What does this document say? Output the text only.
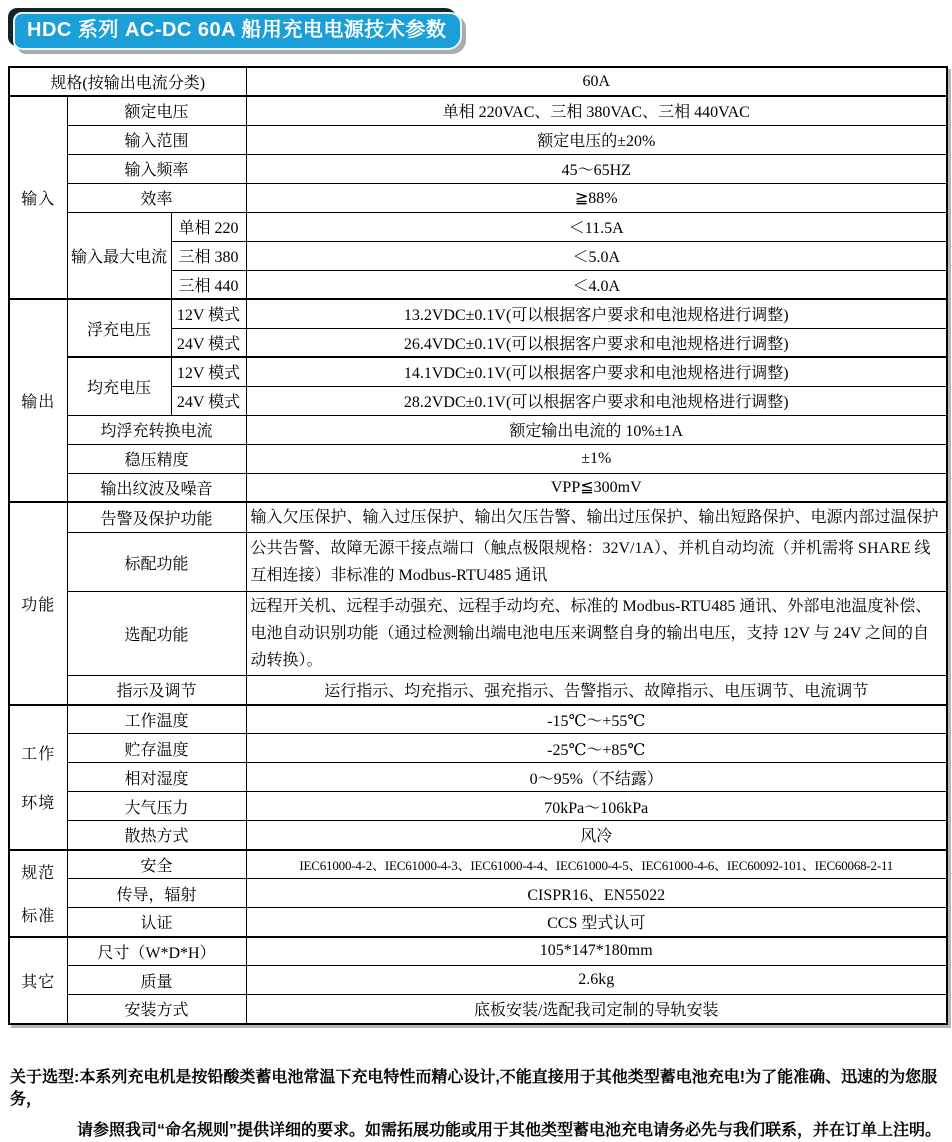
HDC 系列 AC-DC 60A 船用充电电源技术参数
规格(按输出电流分类)			60A
输入	额定电压		单相 220VAC、三相 380VAC、三相 440VAC
	输入范围		额定电压的±20%
	输入频率		45～65HZ
	效率		≧88%
	输入最大电流	单相 220	＜11.5A
		三相 380	＜5.0A
		三相 440	＜4.0A
输出	浮充电压	12V 模式	13.2VDC±0.1V(可以根据客户要求和电池规格进行调整)
		24V 模式	26.4VDC±0.1V(可以根据客户要求和电池规格进行调整)
	均充电压	12V 模式	14.1VDC±0.1V(可以根据客户要求和电池规格进行调整)
		24V 模式	28.2VDC±0.1V(可以根据客户要求和电池规格进行调整)
	均浮充转换电流		额定输出电流的 10%±1A
	稳压精度		±1%
	输出纹波及噪音		VPP≦300mV
功能	告警及保护功能		输入欠压保护、输入过压保护、输出欠压告警、输出过压保护、输出短路保护、电源内部过温保护
	标配功能		公共告警、故障无源干接点端口（触点极限规格：32V/1A）、并机自动均流（并机需将 SHARE 线互相连接）非标准的 Modbus-RTU485 通讯
	选配功能		远程开关机、远程手动强充、远程手动均充、标准的 Modbus-RTU485 通讯、外部电池温度补偿、电池自动识别功能（通过检测输出端电池电压来调整自身的输出电压，支持 12V 与 24V 之间的自动转换）。
	指示及调节		运行指示、均充指示、强充指示、告警指示、故障指示、电压调节、电流调节

工作
环境	工作温度		-15℃～+55℃
	贮存温度		-25℃～+85℃
	相对湿度		0～95%（不结露）
	大气压力		70kPa～106kPa
	散热方式		风冷

规范
标准	安全		IEC61000-4-2、IEC61000-4-3、IEC61000-4-4、IEC61000-4-5、IEC61000-4-6、IEC60092-101、IEC60068-2-11
	传导，辐射		CISPR16、EN55022
	认证		CCS 型式认可
其它	尺寸（W*D*H）		105*147*180mm
	质量		2.6kg
	安装方式		底板安装/选配我司定制的导轨安装
关于选型:本系列充电机是按铅酸类蓄电池常温下充电特性而精心设计,不能直接用于其他类型蓄电池充电!为了能准确、迅速的为您服务，
请参照我司“命名规则”提供详细的要求。如需拓展功能或用于其他类型蓄电池充电请务必先与我们联系，并在订单上注明。
